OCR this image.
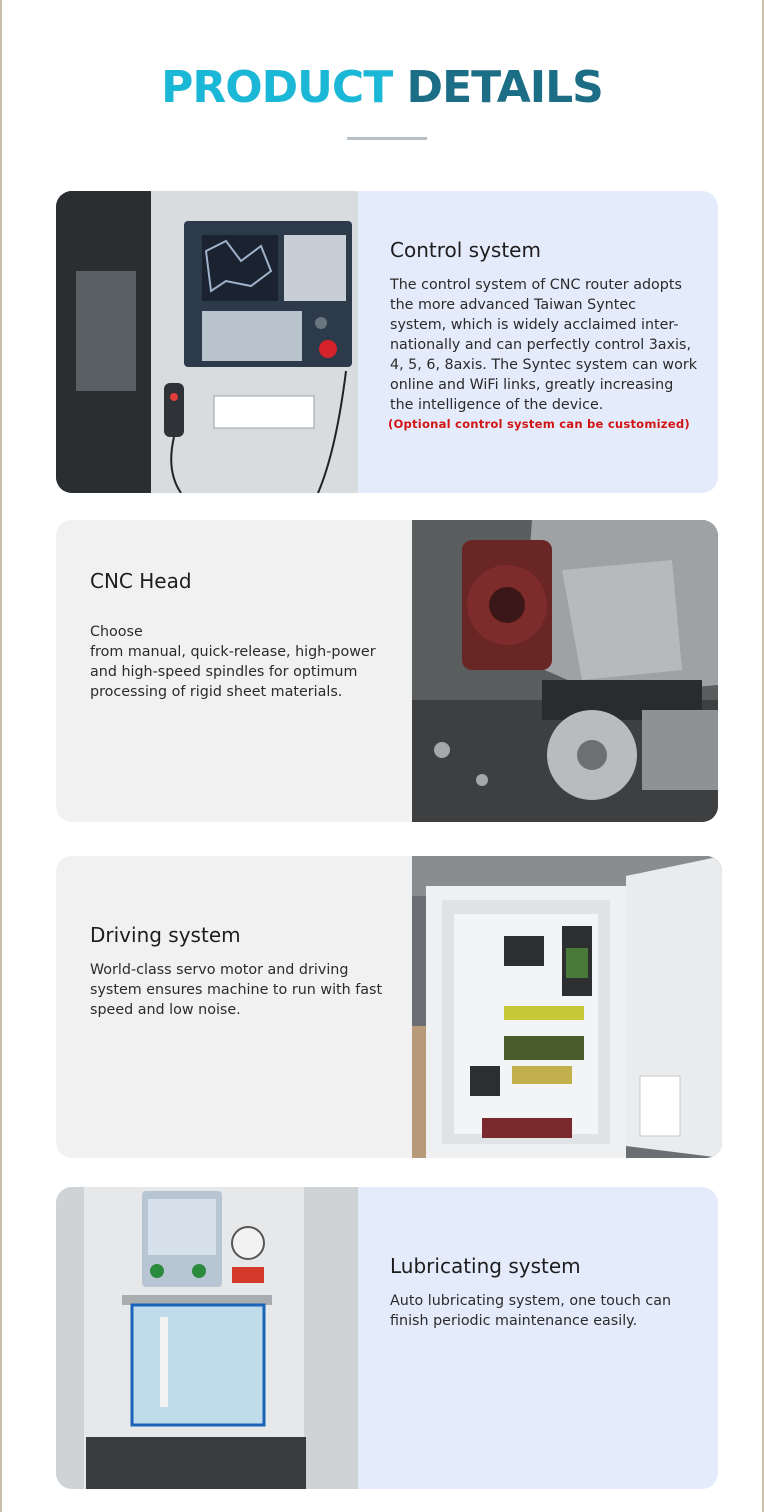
PRODUCT DETAILS
Control system

The control system of CNC router adopts
the more advanced Taiwan Syntec
system, which is widely acclaimed inter-
nationally and can perfectly control 3axis,
4, 5, 6, 8axis. The Syntec system can work
online and WiFi links, greatly increasing
the intelligence of the device.

(Optional control system can be customized)
CNC Head

Choose
from manual, quick-release, high-power
and high-speed spindles for optimum
processing of rigid sheet materials.

Driving system

World-class servo motor and driving
system ensures machine to run with fast
speed and low noise.

Lubricating system

Auto lubricating system, one touch can
finish periodic maintenance easily.
